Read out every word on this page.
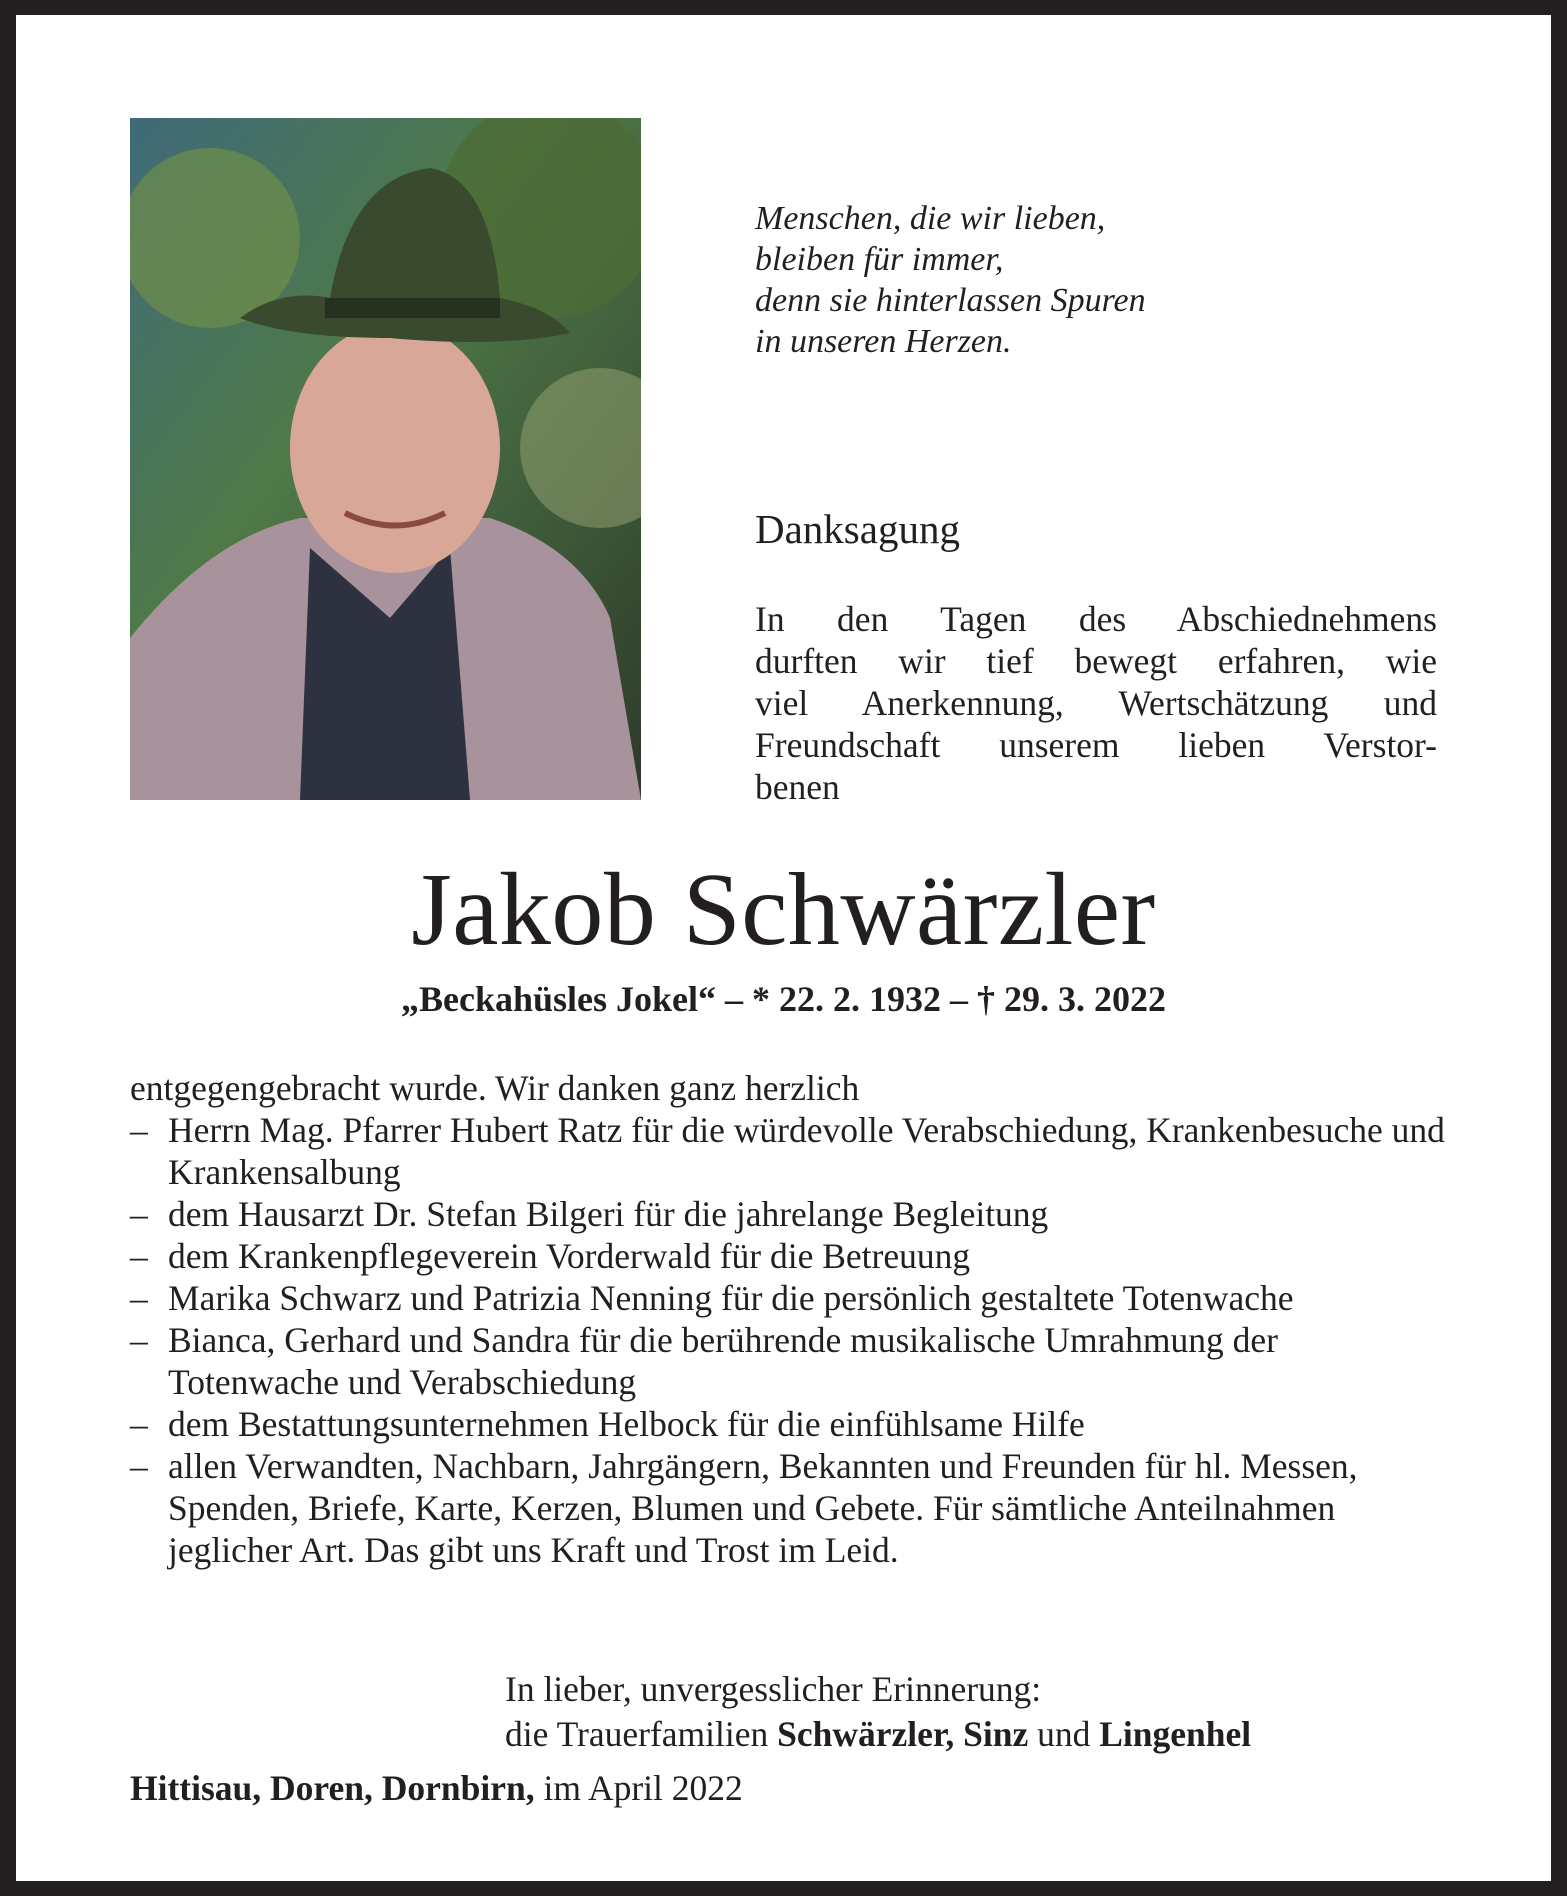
Menschen, die wir lieben,
bleiben für immer,
denn sie hinterlassen Spuren
in unseren Herzen.
Danksagung
In den Tagen des Abschiednehmens
durften wir tief bewegt erfahren, wie
viel Anerkennung, Wertschätzung und
Freundschaft unserem lieben Verstor-
benen
Jakob Schwärzler
„Beckahüsles Jokel“ – * 22. 2. 1932 – † 29. 3. 2022
entgegengebracht wurde. Wir danken ganz herzlich
– Herrn Mag. Pfarrer Hubert Ratz für die würdevolle Verabschiedung, Krankenbesuche und Krankensalbung
– dem Hausarzt Dr. Stefan Bilgeri für die jahrelange Begleitung
– dem Krankenpflegeverein Vorderwald für die Betreuung
– Marika Schwarz und Patrizia Nenning für die persönlich gestaltete Totenwache
– Bianca, Gerhard und Sandra für die berührende musikalische Umrahmung der Totenwache und Verabschiedung
– dem Bestattungsunternehmen Helbock für die einfühlsame Hilfe
– allen Verwandten, Nachbarn, Jahrgängern, Bekannten und Freunden für hl. Messen, Spenden, Briefe, Karte, Kerzen, Blumen und Gebete. Für sämtliche Anteilnahmen jeglicher Art. Das gibt uns Kraft und Trost im Leid.
In lieber, unvergesslicher Erinnerung:
die Trauerfamilien Schwärzler, Sinz und Lingenhel
Hittisau, Doren, Dornbirn, im April 2022
